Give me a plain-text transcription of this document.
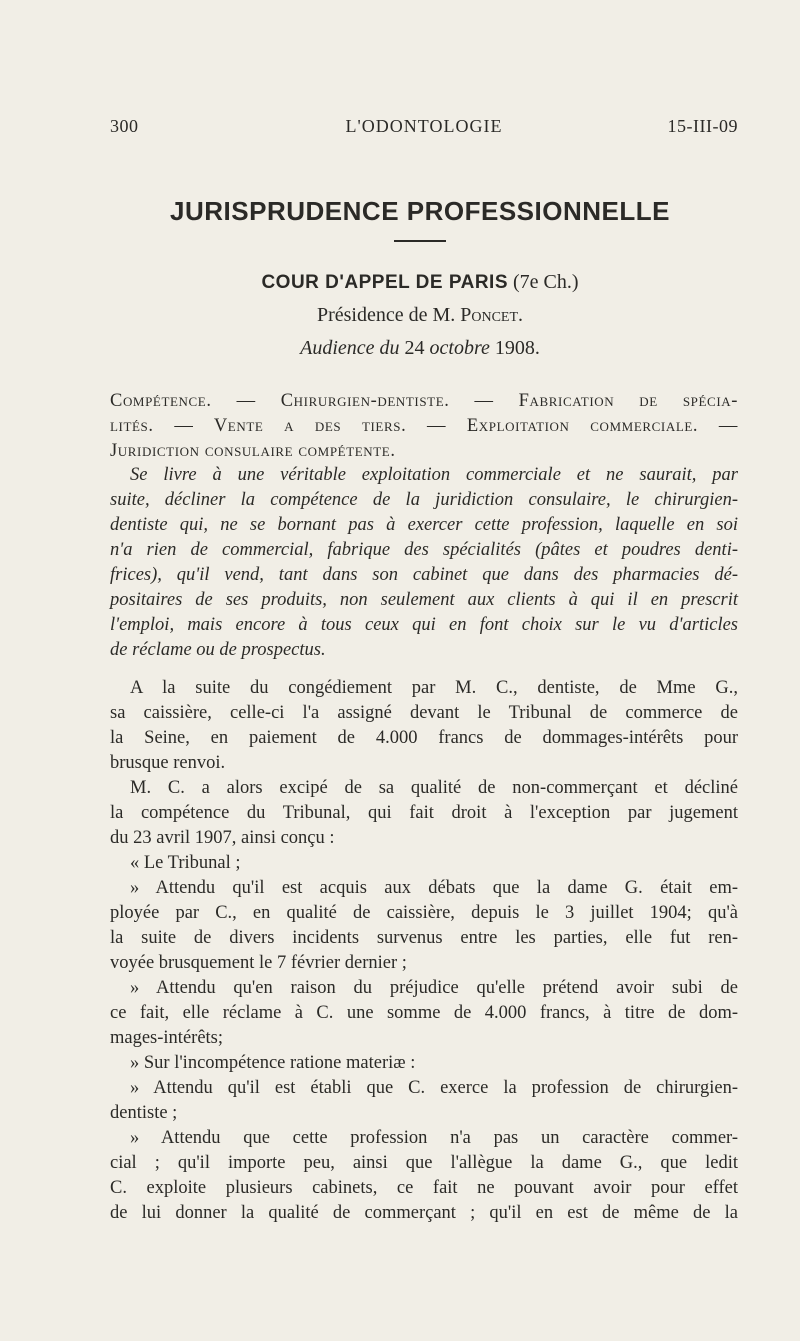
300	L'ODONTOLOGIE	15-III-09
JURISPRUDENCE PROFESSIONNELLE
COUR D'APPEL DE PARIS (7e Ch.)
Présidence de M. Poncet.
Audience du 24 octobre 1908.
Compétence. — Chirurgien-dentiste. — Fabrication de spécia-
lités. — Vente a des tiers. — Exploitation commerciale. —
Juridiction consulaire compétente.
Se livre à une véritable exploitation commerciale et ne saurait, par
suite, décliner la compétence de la juridiction consulaire, le chirurgien-
dentiste qui, ne se bornant pas à exercer cette profession, laquelle en soi
n'a rien de commercial, fabrique des spécialités (pâtes et poudres denti-
frices), qu'il vend, tant dans son cabinet que dans des pharmacies dé-
positaires de ses produits, non seulement aux clients à qui il en prescrit
l'emploi, mais encore à tous ceux qui en font choix sur le vu d'articles
de réclame ou de prospectus.
A la suite du congédiement par M. C., dentiste, de Mme G.,
sa caissière, celle-ci l'a assigné devant le Tribunal de commerce de
la Seine, en paiement de 4.000 francs de dommages-intérêts pour
brusque renvoi.
M. C. a alors excipé de sa qualité de non-commerçant et décliné
la compétence du Tribunal, qui fait droit à l'exception par jugement
du 23 avril 1907, ainsi conçu :
« Le Tribunal ;
» Attendu qu'il est acquis aux débats que la dame G. était em-
ployée par C., en qualité de caissière, depuis le 3 juillet 1904; qu'à
la suite de divers incidents survenus entre les parties, elle fut ren-
voyée brusquement le 7 février dernier ;
» Attendu qu'en raison du préjudice qu'elle prétend avoir subi de
ce fait, elle réclame à C. une somme de 4.000 francs, à titre de dom-
mages-intérêts;
» Sur l'incompétence ratione materiæ :
» Attendu qu'il est établi que C. exerce la profession de chirurgien-
dentiste ;
» Attendu que cette profession n'a pas un caractère commer-
cial ; qu'il importe peu, ainsi que l'allègue la dame G., que ledit
C. exploite plusieurs cabinets, ce fait ne pouvant avoir pour effet
de lui donner la qualité de commerçant ; qu'il en est de même de la
